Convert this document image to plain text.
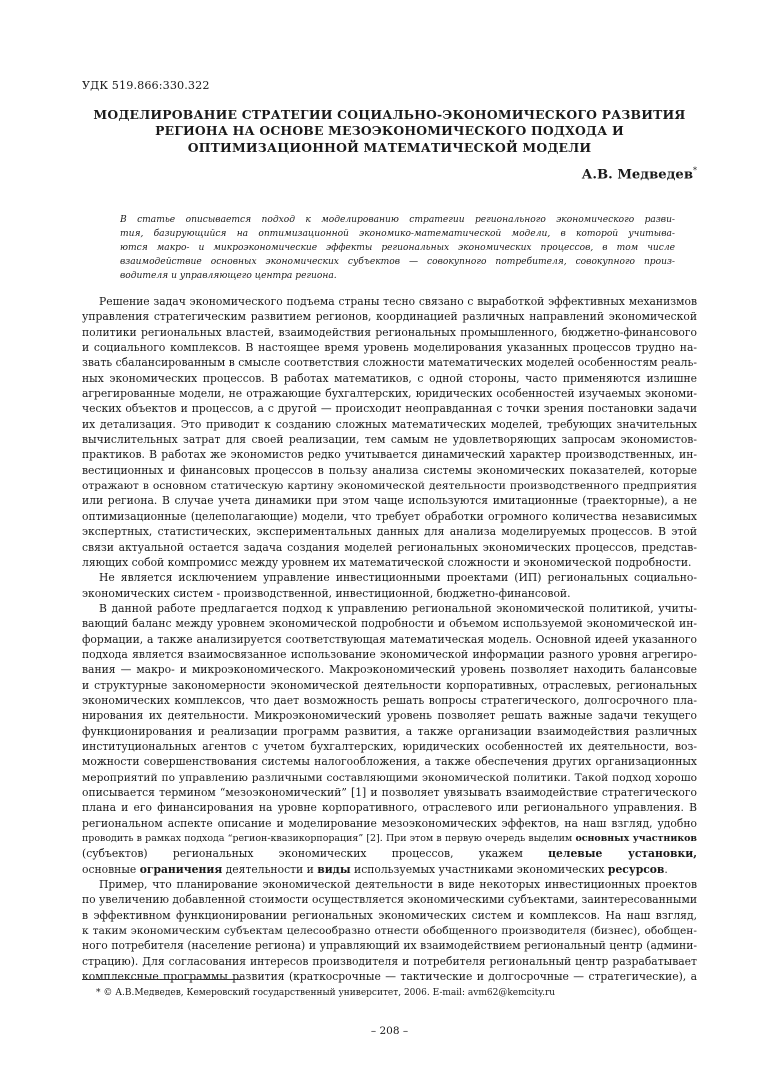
УДК 519.866:330.322
МОДЕЛИРОВАНИЕ СТРАТЕГИИ СОЦИАЛЬНО-ЭКОНОМИЧЕСКОГО РАЗВИТИЯ
РЕГИОНА НА ОСНОВЕ МЕЗОЭКОНОМИЧЕСКОГО ПОДХОДА И
ОПТИМИЗАЦИОННОЙ МАТЕМАТИЧЕСКОЙ МОДЕЛИ
А.В. Медведев*
В статье описывается подход к моделированию стратегии регионального экономического разви-
тия, базирующийся на оптимизационной экономико-математической модели, в которой учитыва-
ются макро- и микроэкономические эффекты региональных экономических процессов, в том числе
взаимодействие основных экономических субъектов — совокупного потребителя, совокупного произ-
водителя и управляющего центра региона.
Решение задач экономического подъема страны тесно связано с выработкой эффективных механизмов
управления стратегическим развитием регионов, координацией различных направлений экономической
политики региональных властей, взаимодействия региональных промышленного, бюджетно-финансового
и социального комплексов. В настоящее время уровень моделирования указанных процессов трудно на-
звать сбалансированным в смысле соответствия сложности математических моделей особенностям реаль-
ных экономических процессов. В работах математиков, с одной стороны, часто применяются излишне
агрегированные модели, не отражающие бухгалтерских, юридических особенностей изучаемых экономи-
ческих объектов и процессов, а с другой — происходит неоправданная с точки зрения постановки задачи
их детализация. Это приводит к созданию сложных математических моделей, требующих значительных
вычислительных затрат для своей реализации, тем самым не удовлетворяющих запросам экономистов-
практиков. В работах же экономистов редко учитывается динамический характер производственных, ин-
вестиционных и финансовых процессов в пользу анализа системы экономических показателей, которые
отражают в основном статическую картину экономической деятельности производственного предприятия
или региона. В случае учета динамики при этом чаще используются имитационные (траекторные), а не
оптимизационные (целеполагающие) модели, что требует обработки огромного количества независимых
экспертных, статистических, экспериментальных данных для анализа моделируемых процессов. В этой
связи актуальной остается задача создания моделей региональных экономических процессов, представ-
ляющих собой компромисс между уровнем их математической сложности и экономической подробности.
Не является исключением управление инвестиционными проектами (ИП) региональных социально-
экономических систем - производственной, инвестиционной, бюджетно-финансовой.
В данной работе предлагается подход к управлению региональной экономической политикой, учиты-
вающий баланс между уровнем экономической подробности и объемом используемой экономической ин-
формации, а также анализируется соответствующая математическая модель. Основной идеей указанного
подхода является взаимосвязанное использование экономической информации разного уровня агрегиро-
вания — макро- и микроэкономического. Макроэкономический уровень позволяет находить балансовые
и структурные закономерности экономической деятельности корпоративных, отраслевых, региональных
экономических комплексов, что дает возможность решать вопросы стратегического, долгосрочного пла-
нирования их деятельности. Микроэкономический уровень позволяет решать важные задачи текущего
функционирования и реализации программ развития, а также организации взаимодействия различных
институциональных агентов с учетом бухгалтерских, юридических особенностей их деятельности, воз-
можности совершенствования системы налогообложения, а также обеспечения других организационных
мероприятий по управлению различными составляющими экономической политики. Такой подход хорошо
описывается термином “мезоэкономический” [1] и позволяет увязывать взаимодействие стратегического
плана и его финансирования на уровне корпоративного, отраслевого или регионального управления. В
региональном аспекте описание и моделирование мезоэкономических эффектов, на наш взгляд, удобно
проводить в рамках подхода “регион-квазикорпорация” [2]. При этом в первую очередь выделим основных участников
(субъектов) региональных экономических процессов, укажем целевые установки,
основные ограничения деятельности и виды используемых участниками экономических ресурсов.
Пример, что планирование экономической деятельности в виде некоторых инвестиционных проектов
по увеличению добавленной стоимости осуществляется экономическими субъектами, заинтересованными
в эффективном функционировании региональных экономических систем и комплексов. На наш взгляд,
к таким экономическим субъектам целесообразно отнести обобщенного производителя (бизнес), обобщен-
ного потребителя (население региона) и управляющий их взаимодействием региональный центр (админи-
страцию). Для согласования интересов производителя и потребителя региональный центр разрабатывает
комплексные программы развития (краткосрочные — тактические и долгосрочные — стратегические), а
* © А.В.Медведев, Кемеровский государственный университет, 2006. E-mail: avm62@kemcity.ru
– 208 –
